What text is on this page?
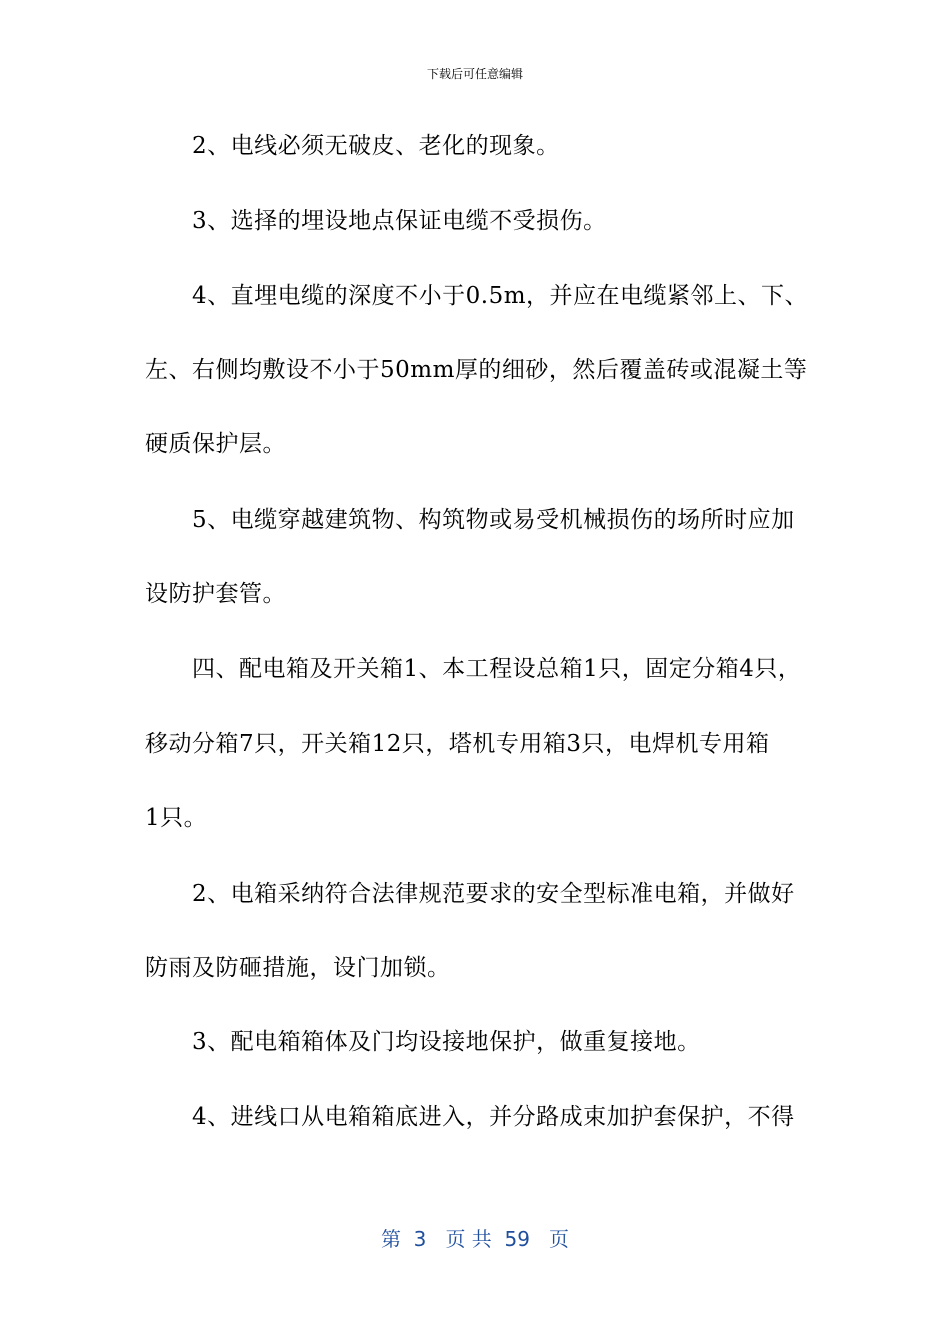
下载后可任意编辑
2、电线必须无破皮、老化的现象。
3、选择的埋设地点保证电缆不受损伤。
4、直埋电缆的深度不小于0.5m，并应在电缆紧邻上、下、
左、右侧均敷设不小于50mm厚的细砂，然后覆盖砖或混凝土等
硬质保护层。
5、电缆穿越建筑物、构筑物或易受机械损伤的场所时应加
设防护套管。
四、配电箱及开关箱1、本工程设总箱1只，固定分箱4只，
移动分箱7只，开关箱12只，塔机专用箱3只，电焊机专用箱
1只。
2、电箱采纳符合法律规范要求的安全型标准电箱，并做好
防雨及防砸措施，设门加锁。
3、配电箱箱体及门均设接地保护，做重复接地。
4、进线口从电箱箱底进入，并分路成束加护套保护，不得
第  3   页 共  59   页
